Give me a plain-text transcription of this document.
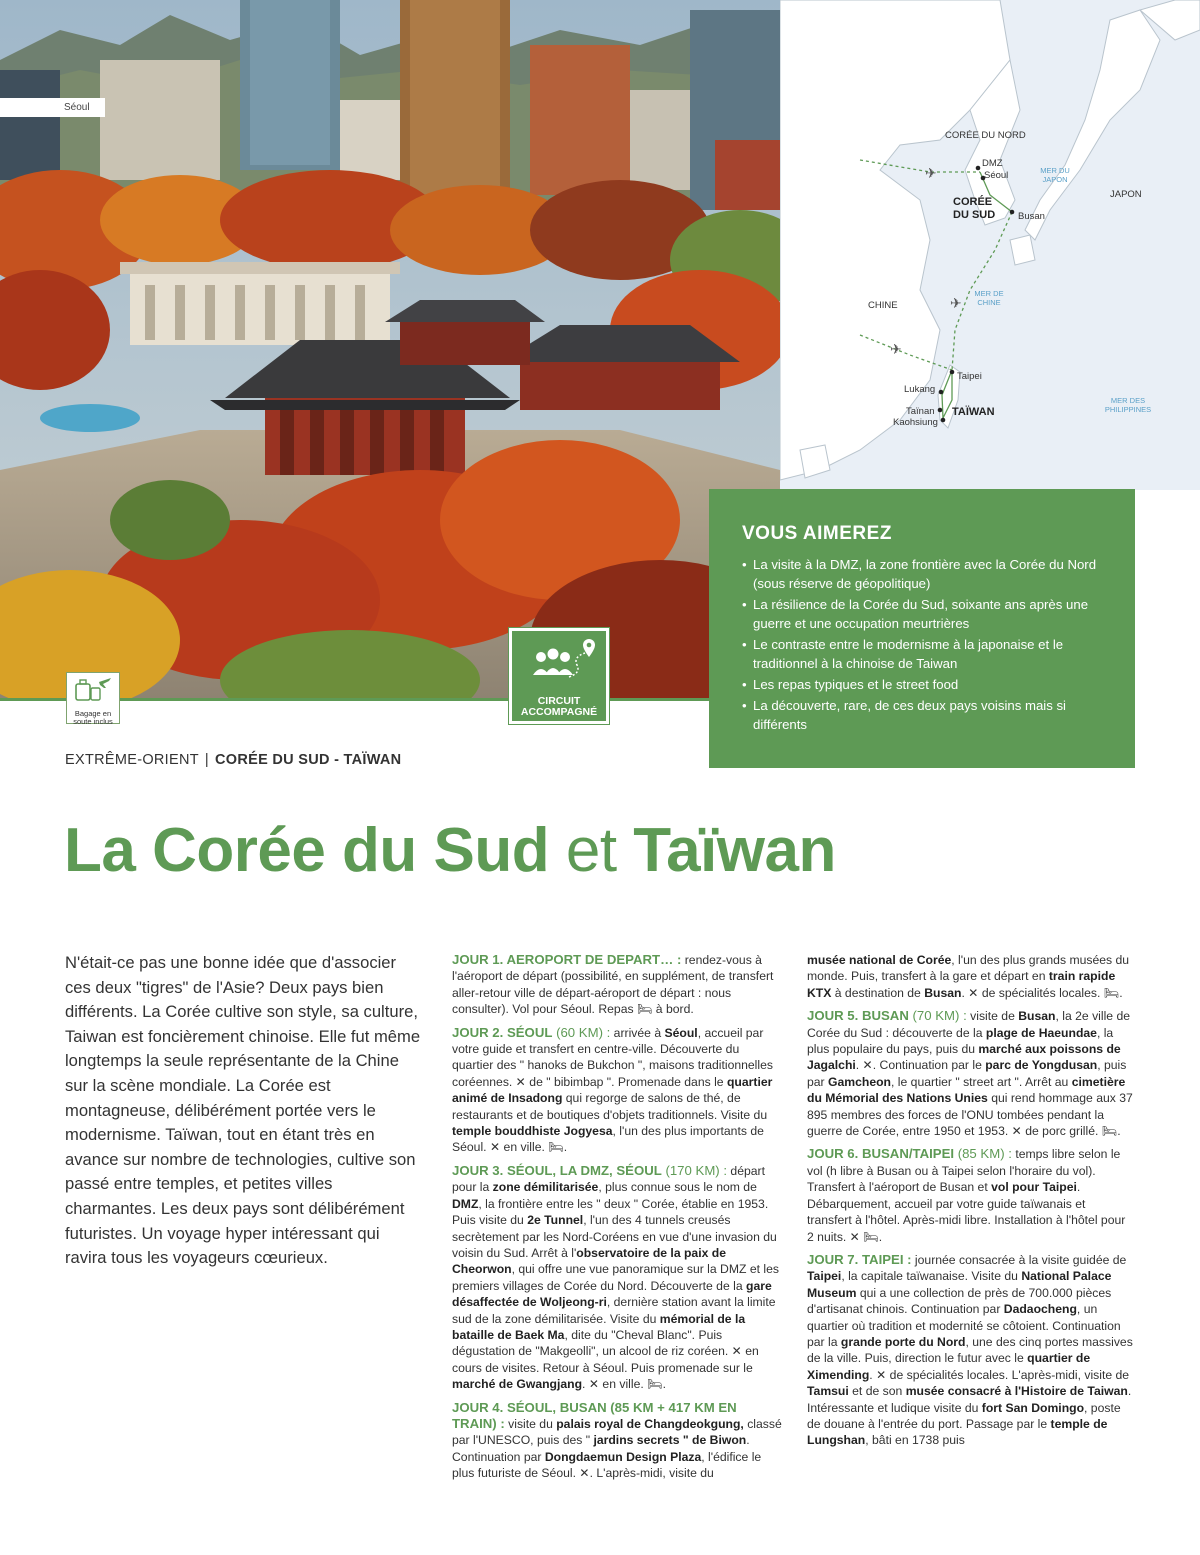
Séoul
✈
✈
✈
CORÉE DU NORD
DMZ
Séoul
CORÉE DU SUD	Busan
JAPON
MER DU JAPON
CHINE
MER DE CHINE
Taipei
Lukang
Taïnan
Kaohsiung
TAÏWAN
MER DES PHILIPPINES
VOUS AIMEREZ
• La visite à la DMZ, la zone frontière avec la Corée du Nord (sous réserve de géopolitique)
• La résilience de la Corée du Sud, soixante ans après une guerre et une occupation meurtrières
• Le contraste entre le modernisme à la japonaise et le traditionnel à la chinoise de Taiwan
• Les repas typiques et le street food
• La découverte, rare, de ces deux pays voisins mais si différents
Bagage en soute inclus
CIRCUIT ACCOMPAGNÉ
EXTRÊME-ORIENT | CORÉE DU SUD - TAÏWAN
La Corée du Sud et Taïwan

N'était-ce pas une bonne idée que d'associer ces deux "tigres" de l'Asie? Deux pays bien différents. La Corée cultive son style, sa culture, Taiwan est foncièrement chinoise. Elle fut même longtemps la seule représentante de la Chine sur la scène mondiale. La Corée est montagneuse, délibérément portée vers le modernisme. Taïwan, tout en étant très en avance sur nombre de technologies, cultive son passé entre temples, et petites villes charmantes. Les deux pays sont délibérément futuristes. Un voyage hyper intéressant qui ravira tous les voyageurs cœurieux.

JOUR 1. AEROPORT DE DEPART… : rendez-vous à l'aéroport de départ (possibilité, en supplément, de transfert aller-retour ville de départ-aéroport de départ : nous consulter). Vol pour Séoul. Repas 🛏 à bord.

JOUR 2. SÉOUL (60 KM) : arrivée à Séoul, accueil par votre guide et transfert en centre-ville. Découverte du quartier des " hanoks de Bukchon ", maisons traditionnelles coréennes. ✕ de " bibimbap ". Promenade dans le quartier animé de Insadong qui regorge de salons de thé, de restaurants et de boutiques d'objets traditionnels. Visite du temple bouddhiste Jogyesa, l'un des plus importants de Séoul. ✕ en ville. 🛏.

JOUR 3. SÉOUL, LA DMZ, SÉOUL (170 KM) : départ pour la zone démilitarisée, plus connue sous le nom de DMZ, la frontière entre les " deux " Corée, établie en 1953. Puis visite du 2e Tunnel, l'un des 4 tunnels creusés secrètement par les Nord-Coréens en vue d'une invasion du voisin du Sud. Arrêt à l'observatoire de la paix de Cheorwon, qui offre une vue panoramique sur la DMZ et les premiers villages de Corée du Nord. Découverte de la gare désaffectée de Woljeong-ri, dernière station avant la limite sud de la zone démilitarisée. Visite du mémorial de la bataille de Baek Ma, dite du "Cheval Blanc". Puis dégustation de "Makgeolli", un alcool de riz coréen. ✕ en cours de visites. Retour à Séoul. Puis promenade sur le marché de Gwangjang. ✕ en ville. 🛏.

JOUR 4. SÉOUL, BUSAN (85 KM + 417 KM EN TRAIN) : visite du palais royal de Changdeokgung, classé par l'UNESCO, puis des " jardins secrets " de Biwon. Continuation par Dongdaemun Design Plaza, l'édifice le plus futuriste de Séoul. ✕. L'après-midi, visite du

musée national de Corée, l'un des plus grands musées du monde. Puis, transfert à la gare et départ en train rapide KTX à destination de Busan. ✕ de spécialités locales. 🛏.

JOUR 5. BUSAN (70 KM) : visite de Busan, la 2e ville de Corée du Sud : découverte de la plage de Haeundae, la plus populaire du pays, puis du marché aux poissons de Jagalchi. ✕. Continuation par le parc de Yongdusan, puis par Gamcheon, le quartier " street art ". Arrêt au cimetière du Mémorial des Nations Unies qui rend hommage aux 37 895 membres des forces de l'ONU tombées pendant la guerre de Corée, entre 1950 et 1953. ✕ de porc grillé. 🛏.

JOUR 6. BUSAN/TAIPEI (85 KM) : temps libre selon le vol (h libre à Busan ou à Taipei selon l'horaire du vol). Transfert à l'aéroport de Busan et vol pour Taipei. Débarquement, accueil par votre guide taïwanais et transfert à l'hôtel. Après-midi libre. Installation à l'hôtel pour 2 nuits. ✕ 🛏.

JOUR 7. TAIPEI : journée consacrée à la visite guidée de Taipei, la capitale taïwanaise. Visite du National Palace Museum qui a une collection de près de 700.000 pièces d'artisanat chinois. Continuation par Dadaocheng, un quartier où tradition et modernité se côtoient. Continuation par la grande porte du Nord, une des cinq portes massives de la ville. Puis, direction le futur avec le quartier de Ximending. ✕ de spécialités locales. L'après-midi, visite de Tamsui et de son musée consacré à l'Histoire de Taiwan. Intéressante et ludique visite du fort San Domingo, poste de douane à l'entrée du port. Passage par le temple de Lungshan, bâti en 1738 puis
